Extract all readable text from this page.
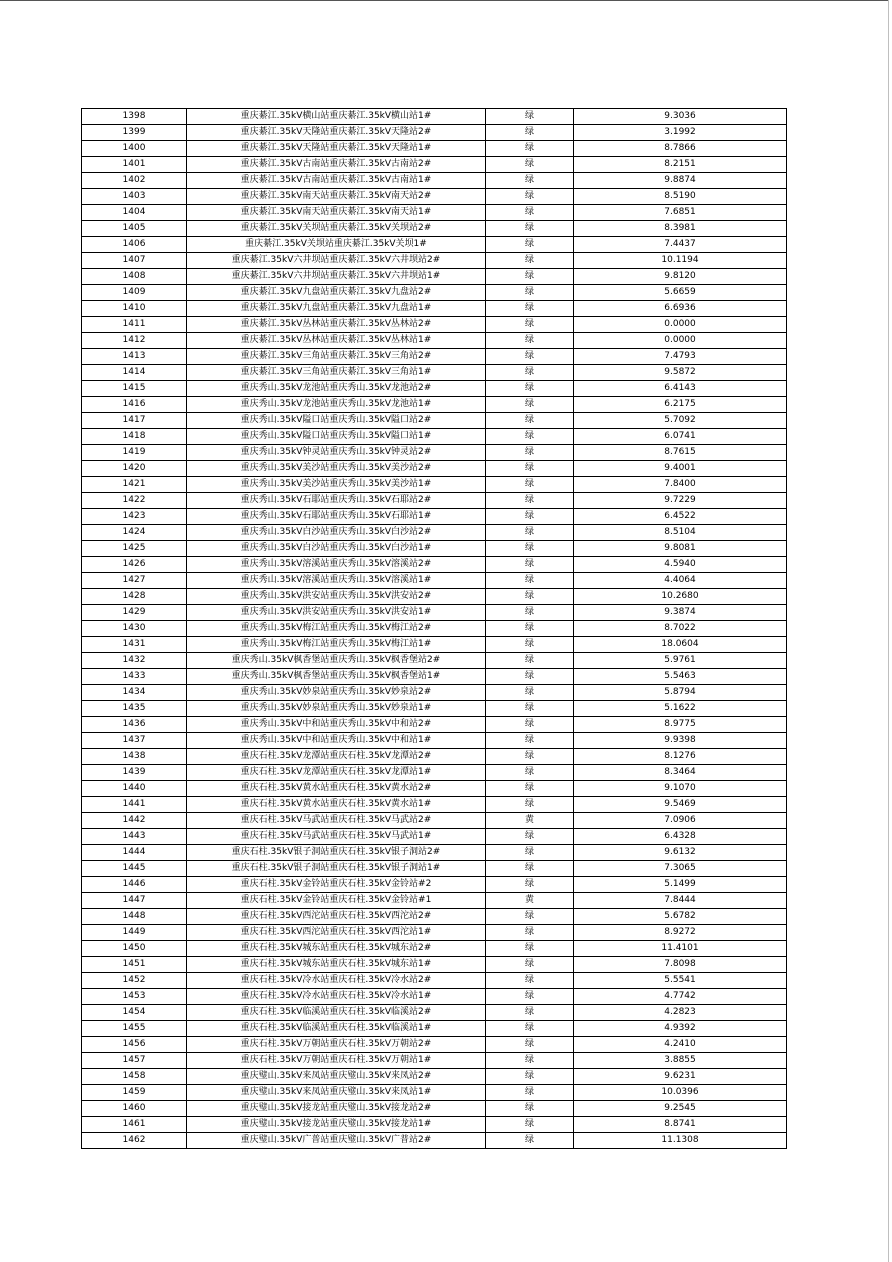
1398	重庆綦江.35kV横山站重庆綦江.35kV横山站1#	绿	9.3036
1399	重庆綦江.35kV天隆站重庆綦江.35kV天隆站2#	绿	3.1992
1400	重庆綦江.35kV天隆站重庆綦江.35kV天隆站1#	绿	8.7866
1401	重庆綦江.35kV古南站重庆綦江.35kV古南站2#	绿	8.2151
1402	重庆綦江.35kV古南站重庆綦江.35kV古南站1#	绿	9.8874
1403	重庆綦江.35kV南天站重庆綦江.35kV南天站2#	绿	8.5190
1404	重庆綦江.35kV南天站重庆綦江.35kV南天站1#	绿	7.6851
1405	重庆綦江.35kV关坝站重庆綦江.35kV关坝站2#	绿	8.3981
1406	重庆綦江.35kV关坝站重庆綦江.35kV关坝1#	绿	7.4437
1407	重庆綦江.35kV六井坝站重庆綦江.35kV六井坝站2#	绿	10.1194
1408	重庆綦江.35kV六井坝站重庆綦江.35kV六井坝站1#	绿	9.8120
1409	重庆綦江.35kV九盘站重庆綦江.35kV九盘站2#	绿	5.6659
1410	重庆綦江.35kV九盘站重庆綦江.35kV九盘站1#	绿	6.6936
1411	重庆綦江.35kV丛林站重庆綦江.35kV丛林站2#	绿	0.0000
1412	重庆綦江.35kV丛林站重庆綦江.35kV丛林站1#	绿	0.0000
1413	重庆綦江.35kV三角站重庆綦江.35kV三角站2#	绿	7.4793
1414	重庆綦江.35kV三角站重庆綦江.35kV三角站1#	绿	9.5872
1415	重庆秀山.35kV龙池站重庆秀山.35kV龙池站2#	绿	6.4143
1416	重庆秀山.35kV龙池站重庆秀山.35kV龙池站1#	绿	6.2175
1417	重庆秀山.35kV隘口站重庆秀山.35kV隘口站2#	绿	5.7092
1418	重庆秀山.35kV隘口站重庆秀山.35kV隘口站1#	绿	6.0741
1419	重庆秀山.35kV钟灵站重庆秀山.35kV钟灵站2#	绿	8.7615
1420	重庆秀山.35kV美沙站重庆秀山.35kV美沙站2#	绿	9.4001
1421	重庆秀山.35kV美沙站重庆秀山.35kV美沙站1#	绿	7.8400
1422	重庆秀山.35kV石耶站重庆秀山.35kV石耶站2#	绿	9.7229
1423	重庆秀山.35kV石耶站重庆秀山.35kV石耶站1#	绿	6.4522
1424	重庆秀山.35kV白沙站重庆秀山.35kV白沙站2#	绿	8.5104
1425	重庆秀山.35kV白沙站重庆秀山.35kV白沙站1#	绿	9.8081
1426	重庆秀山.35kV溶溪站重庆秀山.35kV溶溪站2#	绿	4.5940
1427	重庆秀山.35kV溶溪站重庆秀山.35kV溶溪站1#	绿	4.4064
1428	重庆秀山.35kV洪安站重庆秀山.35kV洪安站2#	绿	10.2680
1429	重庆秀山.35kV洪安站重庆秀山.35kV洪安站1#	绿	9.3874
1430	重庆秀山.35kV梅江站重庆秀山.35kV梅江站2#	绿	8.7022
1431	重庆秀山.35kV梅江站重庆秀山.35kV梅江站1#	绿	18.0604
1432	重庆秀山.35kV枫香堡站重庆秀山.35kV枫香堡站2#	绿	5.9761
1433	重庆秀山.35kV枫香堡站重庆秀山.35kV枫香堡站1#	绿	5.5463
1434	重庆秀山.35kV妙泉站重庆秀山.35kV妙泉站2#	绿	5.8794
1435	重庆秀山.35kV妙泉站重庆秀山.35kV妙泉站1#	绿	5.1622
1436	重庆秀山.35kV中和站重庆秀山.35kV中和站2#	绿	8.9775
1437	重庆秀山.35kV中和站重庆秀山.35kV中和站1#	绿	9.9398
1438	重庆石柱.35kV龙潭站重庆石柱.35kV龙潭站2#	绿	8.1276
1439	重庆石柱.35kV龙潭站重庆石柱.35kV龙潭站1#	绿	8.3464
1440	重庆石柱.35kV黄水站重庆石柱.35kV黄水站2#	绿	9.1070
1441	重庆石柱.35kV黄水站重庆石柱.35kV黄水站1#	绿	9.5469
1442	重庆石柱.35kV马武站重庆石柱.35kV马武站2#	黄	7.0906
1443	重庆石柱.35kV马武站重庆石柱.35kV马武站1#	绿	6.4328
1444	重庆石柱.35kV银子洞站重庆石柱.35kV银子洞站2#	绿	9.6132
1445	重庆石柱.35kV银子洞站重庆石柱.35kV银子洞站1#	绿	7.3065
1446	重庆石柱.35kV金铃站重庆石柱.35kV金铃站#2	绿	5.1499
1447	重庆石柱.35kV金铃站重庆石柱.35kV金铃站#1	黄	7.8444
1448	重庆石柱.35kV西沱站重庆石柱.35kV西沱站2#	绿	5.6782
1449	重庆石柱.35kV西沱站重庆石柱.35kV西沱站1#	绿	8.9272
1450	重庆石柱.35kV城东站重庆石柱.35kV城东站2#	绿	11.4101
1451	重庆石柱.35kV城东站重庆石柱.35kV城东站1#	绿	7.8098
1452	重庆石柱.35kV冷水站重庆石柱.35kV冷水站2#	绿	5.5541
1453	重庆石柱.35kV冷水站重庆石柱.35kV冷水站1#	绿	4.7742
1454	重庆石柱.35kV临溪站重庆石柱.35kV临溪站2#	绿	4.2823
1455	重庆石柱.35kV临溪站重庆石柱.35kV临溪站1#	绿	4.9392
1456	重庆石柱.35kV万朝站重庆石柱.35kV万朝站2#	绿	4.2410
1457	重庆石柱.35kV万朝站重庆石柱.35kV万朝站1#	绿	3.8855
1458	重庆璧山.35kV来凤站重庆璧山.35kV来凤站2#	绿	9.6231
1459	重庆璧山.35kV来凤站重庆璧山.35kV来凤站1#	绿	10.0396
1460	重庆璧山.35kV接龙站重庆璧山.35kV接龙站2#	绿	9.2545
1461	重庆璧山.35kV接龙站重庆璧山.35kV接龙站1#	绿	8.8741
1462	重庆璧山.35kV广普站重庆璧山.35kV广普站2#	绿	11.1308
